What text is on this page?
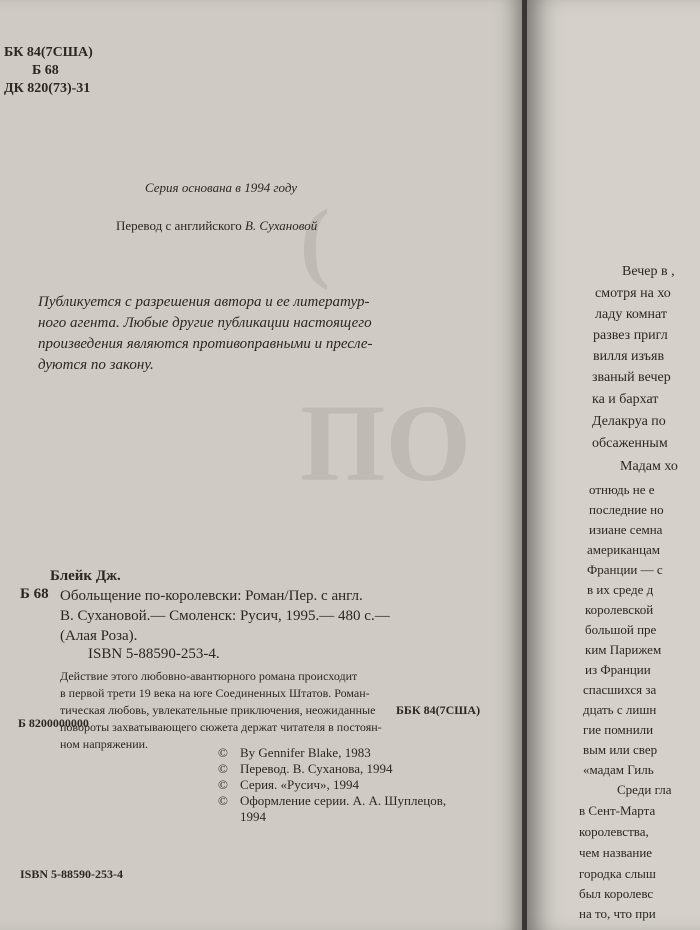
(
ПО
БК 84(7США)
Б 68
ДК 820(73)-31
Серия основана в 1994 году
Перевод с английского В. Сухановой
Публикуется с разрешения автора и ее литератур-
ного агента. Любые другие публикации настоящего
произведения являются противоправными и пресле-
дуются по закону.
Блейк Дж.
Б 68 Обольщение по-королевски: Роман/Пер. с англ.
В. Сухановой.— Смоленск: Русич, 1995.— 480 с.—
(Алая Роза).
ISBN 5-88590-253-4.
Действие этого любовно-авантюрного романа происходит
в первой трети 19 века на юге Соединенных Штатов. Роман-
тическая любовь, увлекательные приключения, неожиданные
повороты захватывающего сюжета держат читателя в постоян-
ном напряжении.
ББК 84(7США)
Б 8200000000
© By Gennifer Blake, 1983
© Перевод. В. Суханова, 1994
© Серия. «Русич», 1994
© Оформление серии. А. А. Шуплецов,
1994
ISBN 5-88590-253-4
Вечер в ,
смотря на хо
ладу комнат
развез пригл
вилля изъяв
званый вечер
ка и бархат
Делакруа по
обсаженным
Мадам хо
отнюдь не е
последние но
изиане семна
американцам
Франции — с
в их среде д
королевской
большой пре
ким Парижем
из Франции
спасшихся за
дцать с лишн
гие помнили
вым или свер
«мадам Гиль
Среди гла
в Сент-Марта
королевства,
чем название
городка слыш
был королевс
на то, что при
